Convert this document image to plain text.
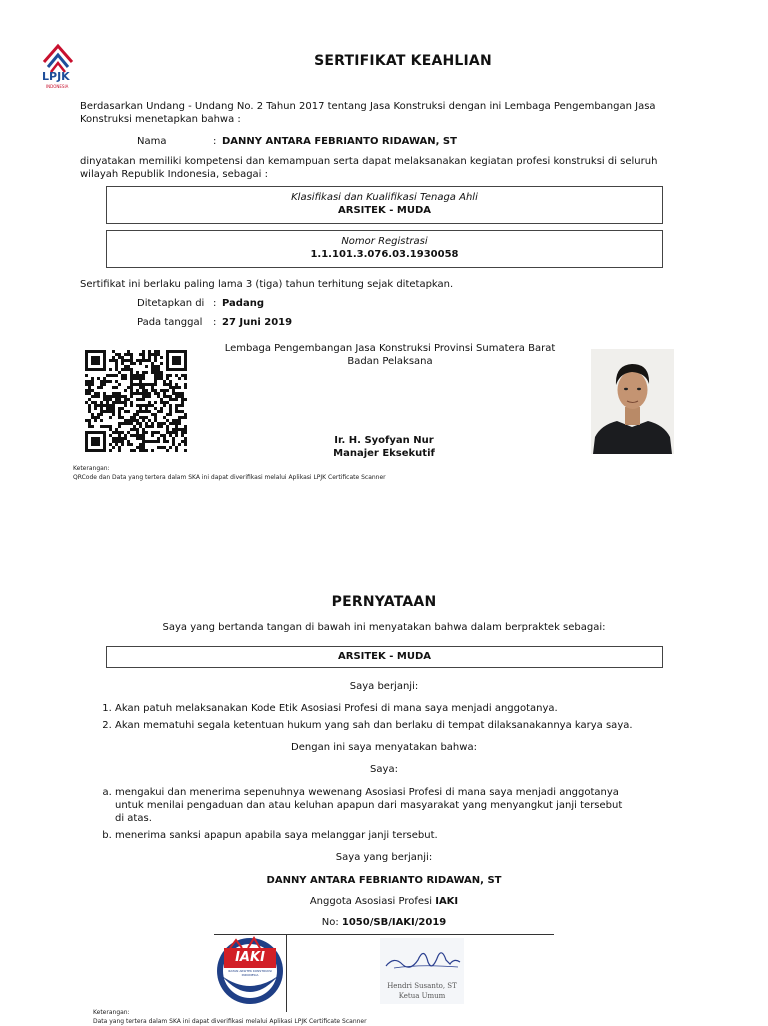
LPJK
INDONESIA
SERTIFIKAT KEAHLIAN
Berdasarkan Undang - Undang No. 2 Tahun 2017 tentang Jasa Konstruksi dengan ini Lembaga Pengembangan Jasa Konstruksi menetapkan bahwa :
Nama	: DANNY ANTARA FEBRIANTO RIDAWAN, ST
dinyatakan memiliki kompetensi dan kemampuan serta dapat melaksanakan kegiatan profesi konstruksi di seluruh wilayah Republik Indonesia, sebagai :
Klasifikasi dan Kualifikasi Tenaga Ahli
ARSITEK - MUDA
Nomor Registrasi
1.1.101.3.076.03.1930058
Sertifikat ini berlaku paling lama 3 (tiga) tahun terhitung sejak ditetapkan.
Ditetapkan di : Padang
Pada tanggal : 27 Juni 2019
Lembaga Pengembangan Jasa Konstruksi Provinsi Sumatera Barat
Badan Pelaksana
Ir. H. Syofyan Nur
Manajer Eksekutif
Keterangan:
QRCode dan Data yang tertera dalam SKA ini dapat diverifikasi melalui Aplikasi LPJK Certificate Scanner
PERNYATAAN
Saya yang bertanda tangan di bawah ini menyatakan bahwa dalam berpraktek sebagai:
ARSITEK - MUDA
Saya berjanji:
1. Akan patuh melaksanakan Kode Etik Asosiasi Profesi di mana saya menjadi anggotanya.
2. Akan mematuhi segala ketentuan hukum yang sah dan berlaku di tempat dilaksanakannya karya saya.
Dengan ini saya menyatakan bahwa:
Saya:
a. mengakui dan menerima sepenuhnya wewenang Asosiasi Profesi di mana saya menjadi anggotanya untuk menilai pengaduan dan atau keluhan apapun dari masyarakat yang menyangkut janji tersebut di atas.
b. menerima sanksi apapun apabila saya melanggar janji tersebut.
Saya yang berjanji:
DANNY ANTARA FEBRIANTO RIDAWAN, ST
Anggota Asosiasi Profesi IAKI
No: 1050/SB/IAKI/2019
IAKI
IKATAN ARSITEK KONSTRUKSI INDONESIA
Hendri Susanto, ST
Ketua Umum
Keterangan:
Data yang tertera dalam SKA ini dapat diverifikasi melalui Aplikasi LPJK Certificate Scanner
